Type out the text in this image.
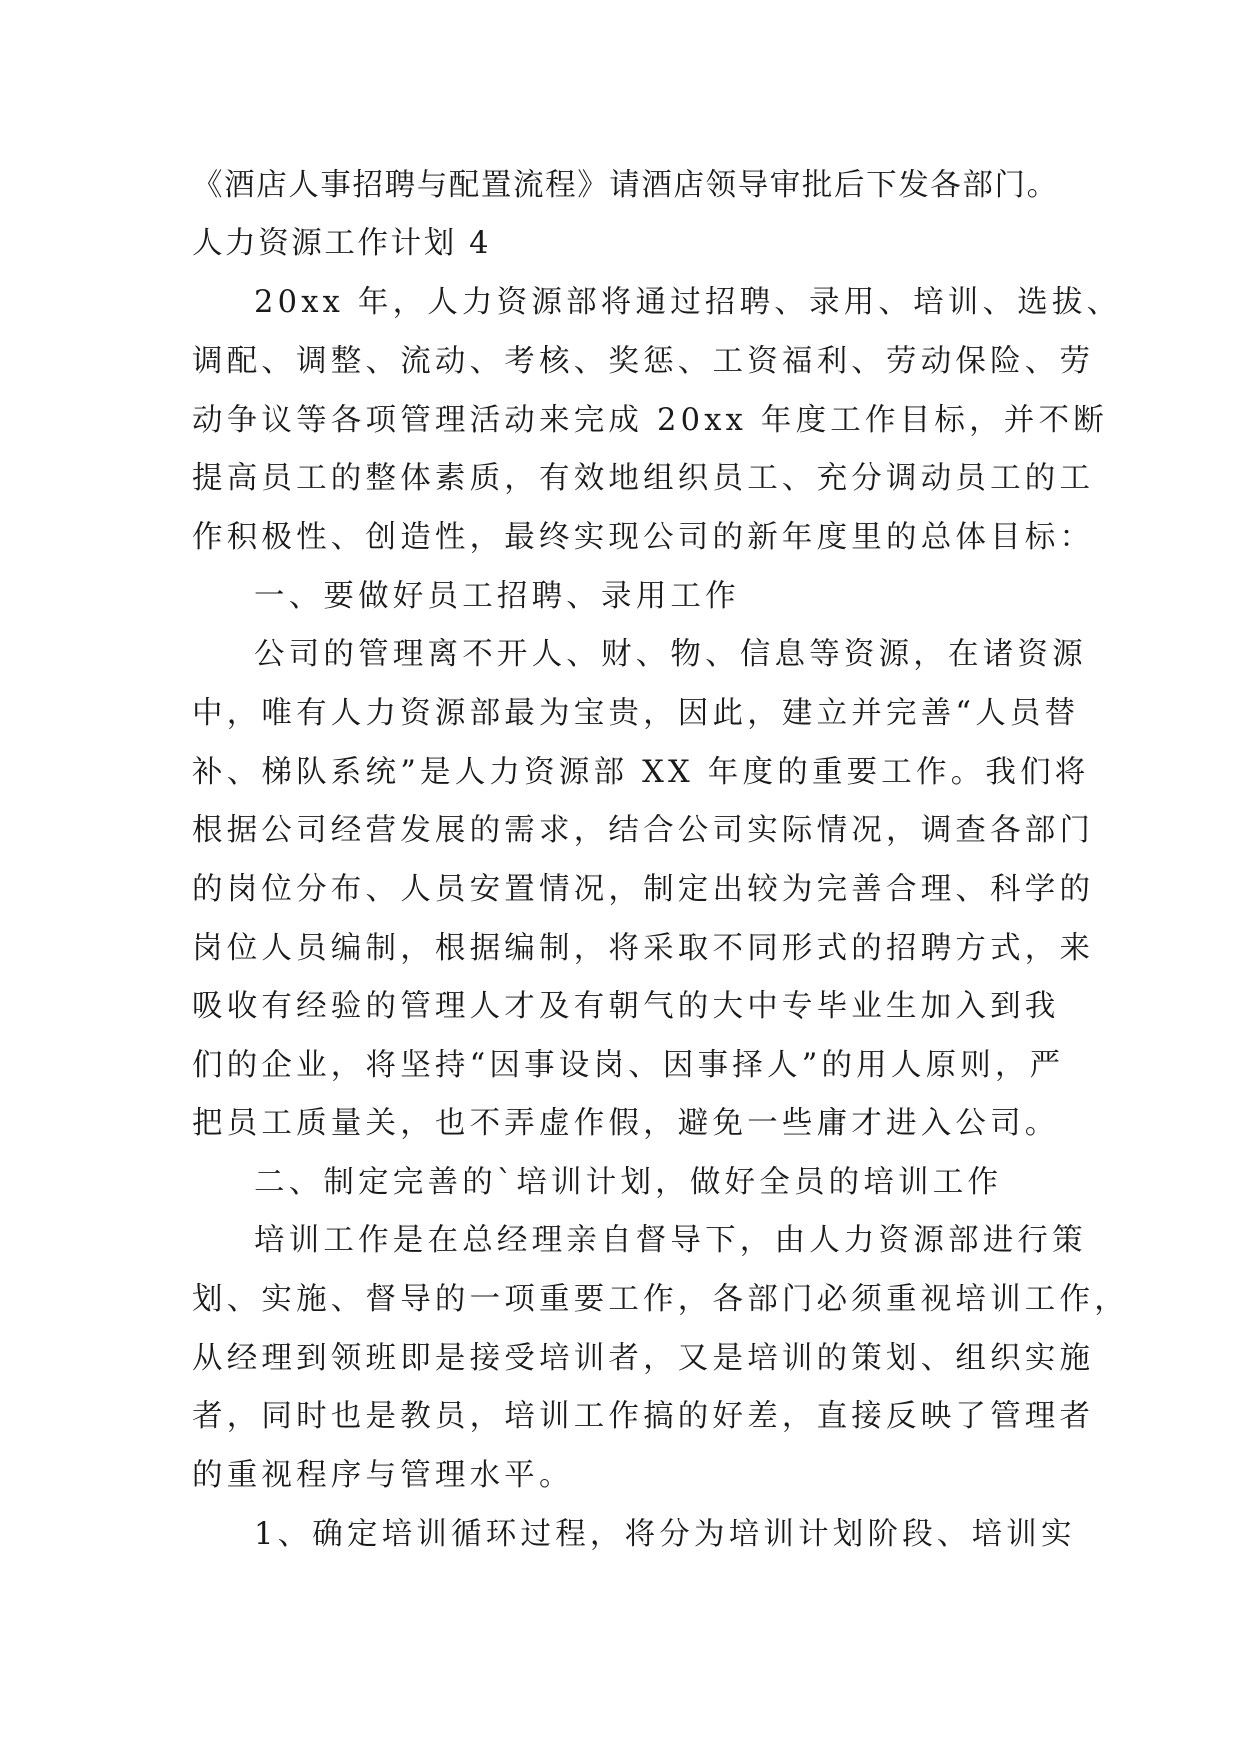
《酒店人事招聘与配置流程》请酒店领导审批后下发各部门。
人力资源工作计划 4
20xx 年，人力资源部将通过招聘、录用、培训、选拔、
调配、调整、流动、考核、奖惩、工资福利、劳动保险、劳
动争议等各项管理活动来完成 20xx 年度工作目标，并不断
提高员工的整体素质，有效地组织员工、充分调动员工的工
作积极性、创造性，最终实现公司的新年度里的总体目标：
一、要做好员工招聘、录用工作
公司的管理离不开人、财、物、信息等资源，在诸资源
中，唯有人力资源部最为宝贵，因此，建立并完善“人员替
补、梯队系统”是人力资源部 XX 年度的重要工作。我们将
根据公司经营发展的需求，结合公司实际情况，调查各部门
的岗位分布、人员安置情况，制定出较为完善合理、科学的
岗位人员编制，根据编制，将采取不同形式的招聘方式，来
吸收有经验的管理人才及有朝气的大中专毕业生加入到我
们的企业，将坚持“因事设岗、因事择人”的用人原则，严
把员工质量关，也不弄虚作假，避免一些庸才进入公司。
二、制定完善的`培训计划，做好全员的培训工作
培训工作是在总经理亲自督导下，由人力资源部进行策
划、实施、督导的一项重要工作，各部门必须重视培训工作，
从经理到领班即是接受培训者，又是培训的策划、组织实施
者，同时也是教员，培训工作搞的好差，直接反映了管理者
的重视程序与管理水平。
1、确定培训循环过程，将分为培训计划阶段、培训实
